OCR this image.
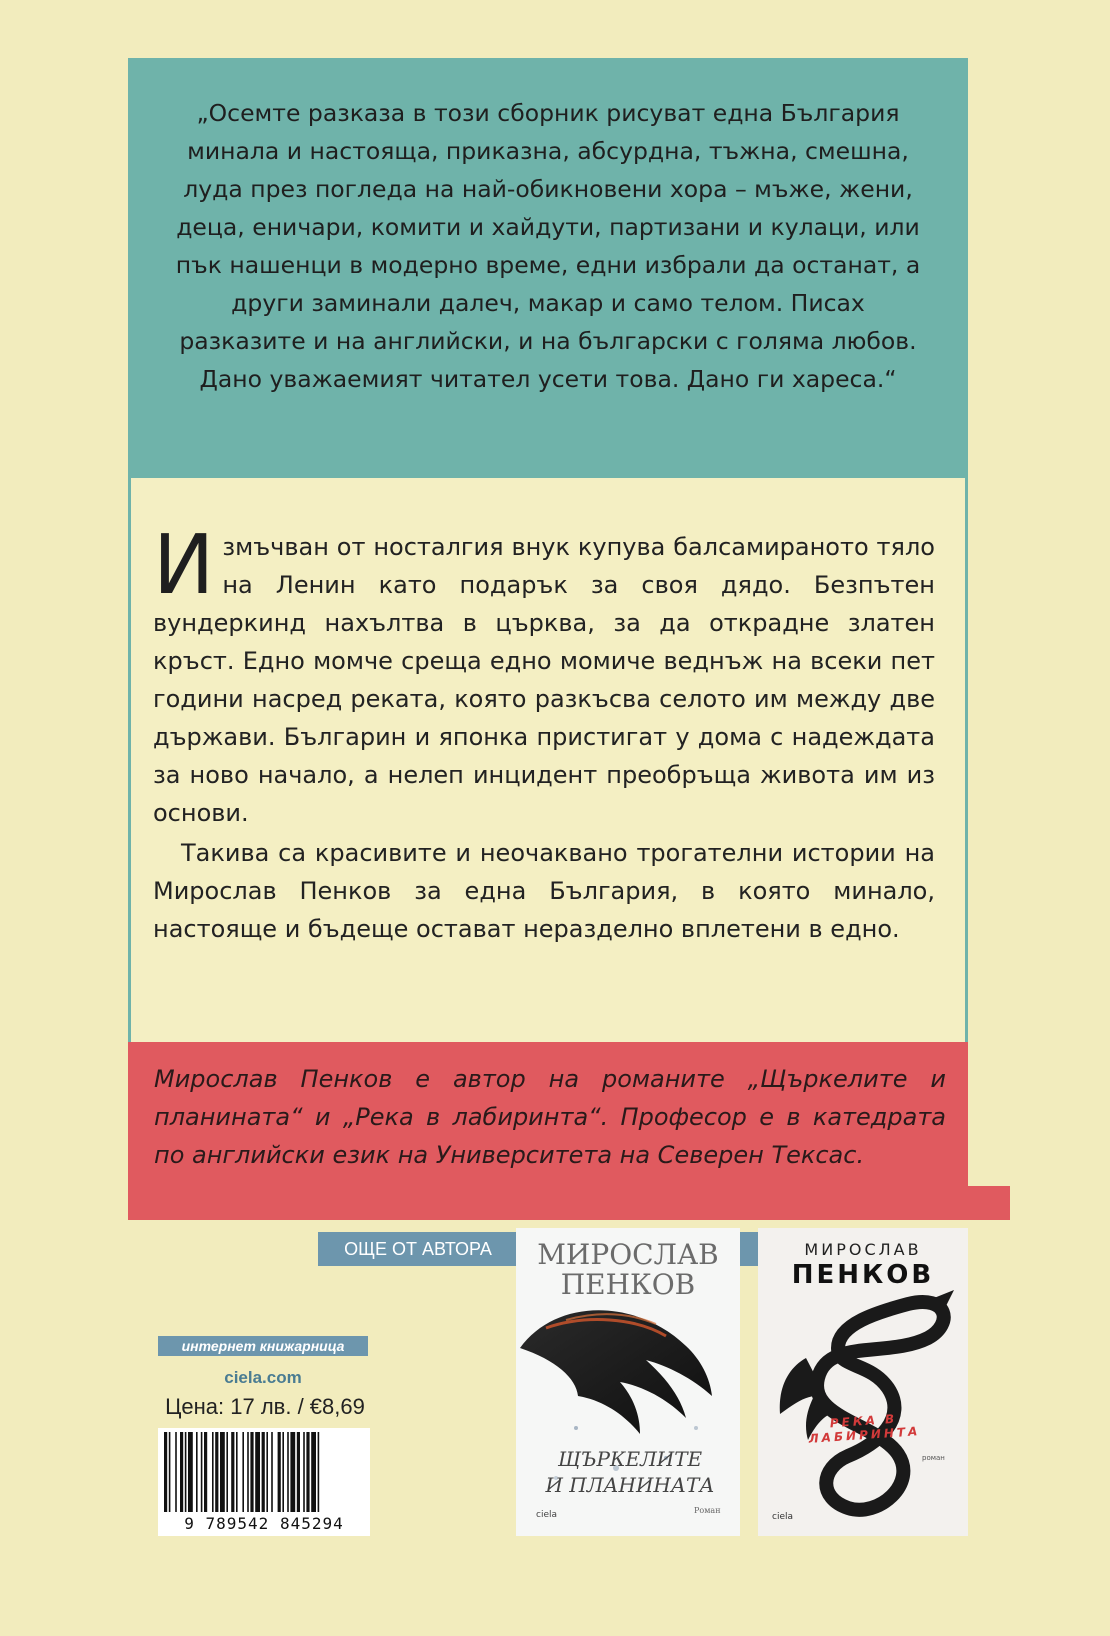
„Осемте разказа в този сборник рисуват една България минала и настояща, приказна, абсурдна, тъжна, смешна, луда през погледа на най-обикновени хора – мъже, жени, деца, еничари, комити и хайдути, партизани и кулаци, или пък нашенци в модерно време, едни избрали да останат, а други заминали далеч, макар и само телом. Писах разказите и на английски, и на български с голяма любов. Дано уважаемият читател усети това. Дано ги хареса.“

Измъчван от носталгия внук купува балсамираното тяло на Ленин като подарък за своя дядо. Безпътен вундеркинд нахълтва в църква, за да открадне златен кръст. Едно момче среща едно момиче веднъж на всеки пет години насред реката, която разкъсва селото им между две държави. Българин и японка пристигат у дома с надеждата за ново начало, а нелеп инцидент преобръща живота им из основи.

Такива са красивите и неочаквано трогателни истории на Мирослав Пенков за една България, в която минало, настояще и бъдеще остават неразделно вплетени в едно.

Мирослав Пенков е автор на романите „Щъркелите и планината“ и „Река в лабиринта“. Професор е в катедрата по английски език на Университета на Северен Тексас.

ОЩЕ ОТ АВТОРА	МИРОСЛАВ ПЕНКОВ
ЩЪРКЕЛИТЕ
И ПЛАНИНАТА
Роман
ciela
МИРОСЛАВ
ПЕНКОВ
РЕКА В ЛАБИРИНТА
роман
ciela
интернет книжарница
ciela.com
Цена: 17 лв. / €8,69
9 789542 845294
